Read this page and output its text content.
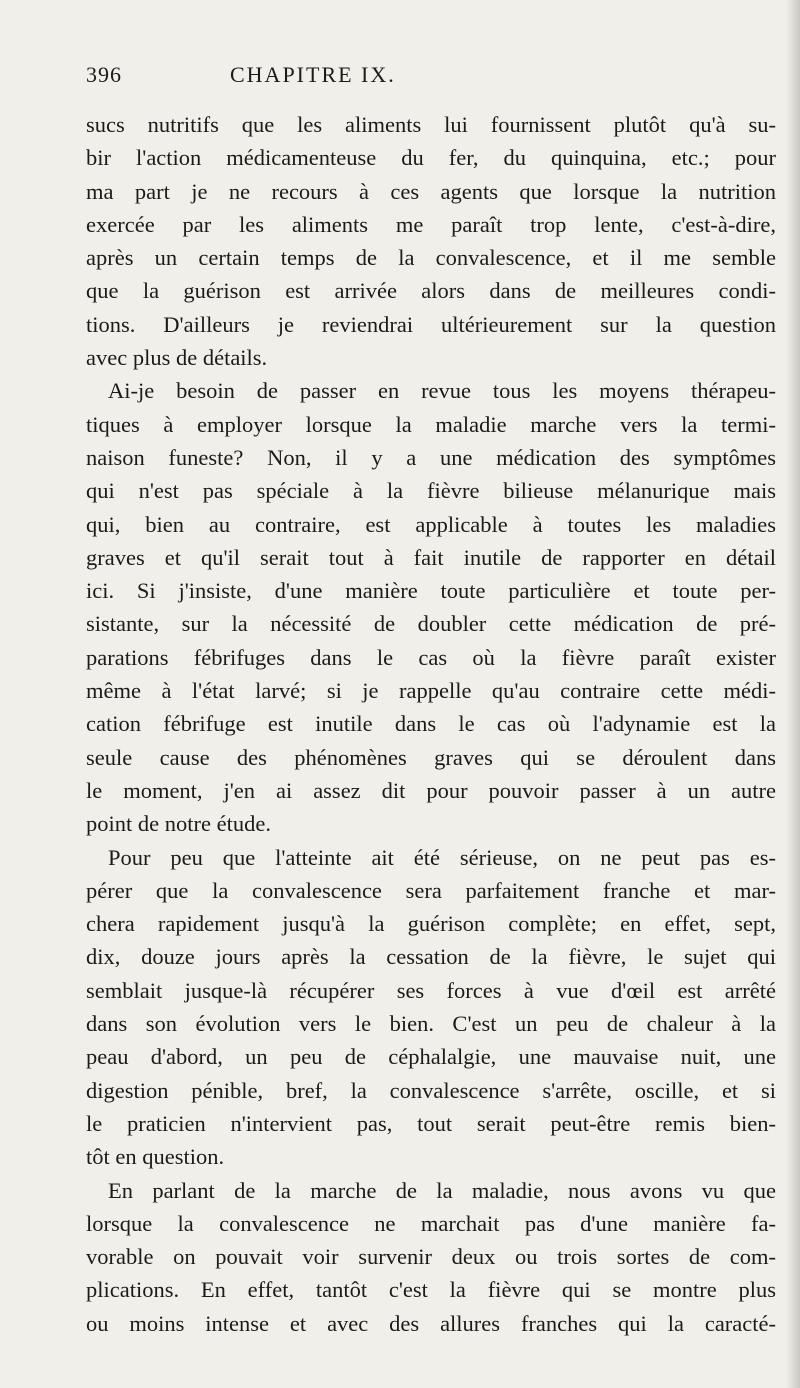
396	CHAPITRE IX.
sucs nutritifs que les aliments lui fournissent plutôt qu'à su-
bir l'action médicamenteuse du fer, du quinquina, etc.; pour
ma part je ne recours à ces agents que lorsque la nutrition
exercée par les aliments me paraît trop lente, c'est-à-dire,
après un certain temps de la convalescence, et il me semble
que la guérison est arrivée alors dans de meilleures condi-
tions. D'ailleurs je reviendrai ultérieurement sur la question
avec plus de détails.
Ai-je besoin de passer en revue tous les moyens thérapeu-
tiques à employer lorsque la maladie marche vers la termi-
naison funeste? Non, il y a une médication des symptômes
qui n'est pas spéciale à la fièvre bilieuse mélanurique mais
qui, bien au contraire, est applicable à toutes les maladies
graves et qu'il serait tout à fait inutile de rapporter en détail
ici. Si j'insiste, d'une manière toute particulière et toute per-
sistante, sur la nécessité de doubler cette médication de pré-
parations fébrifuges dans le cas où la fièvre paraît exister
même à l'état larvé; si je rappelle qu'au contraire cette médi-
cation fébrifuge est inutile dans le cas où l'adynamie est la
seule cause des phénomènes graves qui se déroulent dans
le moment, j'en ai assez dit pour pouvoir passer à un autre
point de notre étude.
Pour peu que l'atteinte ait été sérieuse, on ne peut pas es-
pérer que la convalescence sera parfaitement franche et mar-
chera rapidement jusqu'à la guérison complète; en effet, sept,
dix, douze jours après la cessation de la fièvre, le sujet qui
semblait jusque-là récupérer ses forces à vue d'œil est arrêté
dans son évolution vers le bien. C'est un peu de chaleur à la
peau d'abord, un peu de céphalalgie, une mauvaise nuit, une
digestion pénible, bref, la convalescence s'arrête, oscille, et si
le praticien n'intervient pas, tout serait peut-être remis bien-
tôt en question.
En parlant de la marche de la maladie, nous avons vu que
lorsque la convalescence ne marchait pas d'une manière fa-
vorable on pouvait voir survenir deux ou trois sortes de com-
plications. En effet, tantôt c'est la fièvre qui se montre plus
ou moins intense et avec des allures franches qui la caracté-
